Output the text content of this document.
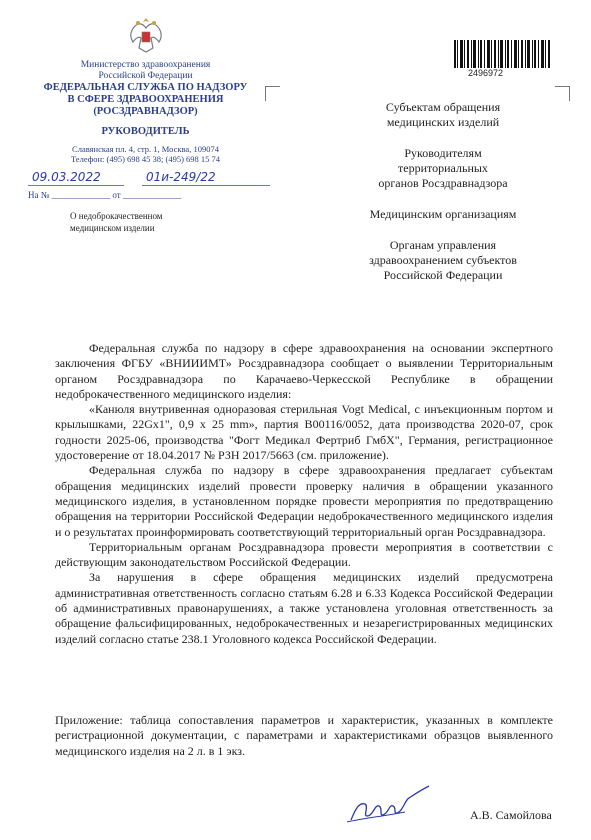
Министерство здравоохранения
Российской Федерации
ФЕДЕРАЛЬНАЯ СЛУЖБА ПО НАДЗОРУ
В СФЕРЕ ЗДРАВООХРАНЕНИЯ
(РОСЗДРАВНАДЗОР)
РУКОВОДИТЕЛЬ
Славянская пл. 4, стр. 1, Москва, 109074
Телефон: (495) 698 45 38; (495) 698 15 74
09.03.2022	01и-249/22
На № _____________ от _____________
О недоброкачественном
медицинском изделии
2496972
Субъектам обращения
медицинских изделий
Руководителям
территориальных
органов Росздравнадзора
Медицинским организациям
Органам управления
здравоохранением субъектов
Российской Федерации

Федеральная служба по надзору в сфере здравоохранения на основании экспертного заключения ФГБУ «ВНИИИМТ» Росздравнадзора сообщает о выявлении Территориальным органом Росздравнадзора по Карачаево-Черкесской Республике в обращении недоброкачественного медицинского изделия:

«Канюля внутривенная одноразовая стерильная Vogt Medical, с инъекционным портом и крылышками, 22Gx1", 0,9 x 25 mm», партия В00116/0052, дата производства 2020-07, срок годности 2025-06, производства "Фогт Медикал Фертриб ГмбХ", Германия, регистрационное удостоверение от 18.04.2017 № РЗН 2017/5663 (см. приложение).

Федеральная служба по надзору в сфере здравоохранения предлагает субъектам обращения медицинских изделий провести проверку наличия в обращении указанного медицинского изделия, в установленном порядке провести мероприятия по предотвращению обращения на территории Российской Федерации недоброкачественного медицинского изделия и о результатах проинформировать соответствующий территориальный орган Росздравнадзора.

Территориальным органам Росздравнадзора провести мероприятия в соответствии с действующим законодательством Российской Федерации.

За нарушения в сфере обращения медицинских изделий предусмотрена административная ответственность согласно статьям 6.28 и 6.33 Кодекса Российской Федерации об административных правонарушениях, а также установлена уголовная ответственность за обращение фальсифицированных, недоброкачественных и незарегистрированных медицинских изделий согласно статье 238.1 Уголовного кодекса Российской Федерации.

Приложение: таблица сопоставления параметров и характеристик, указанных в комплекте регистрационной документации, с параметрами и характеристиками образцов выявленного медицинского изделия на 2 л. в 1 экз.

А.В. Самойлова
